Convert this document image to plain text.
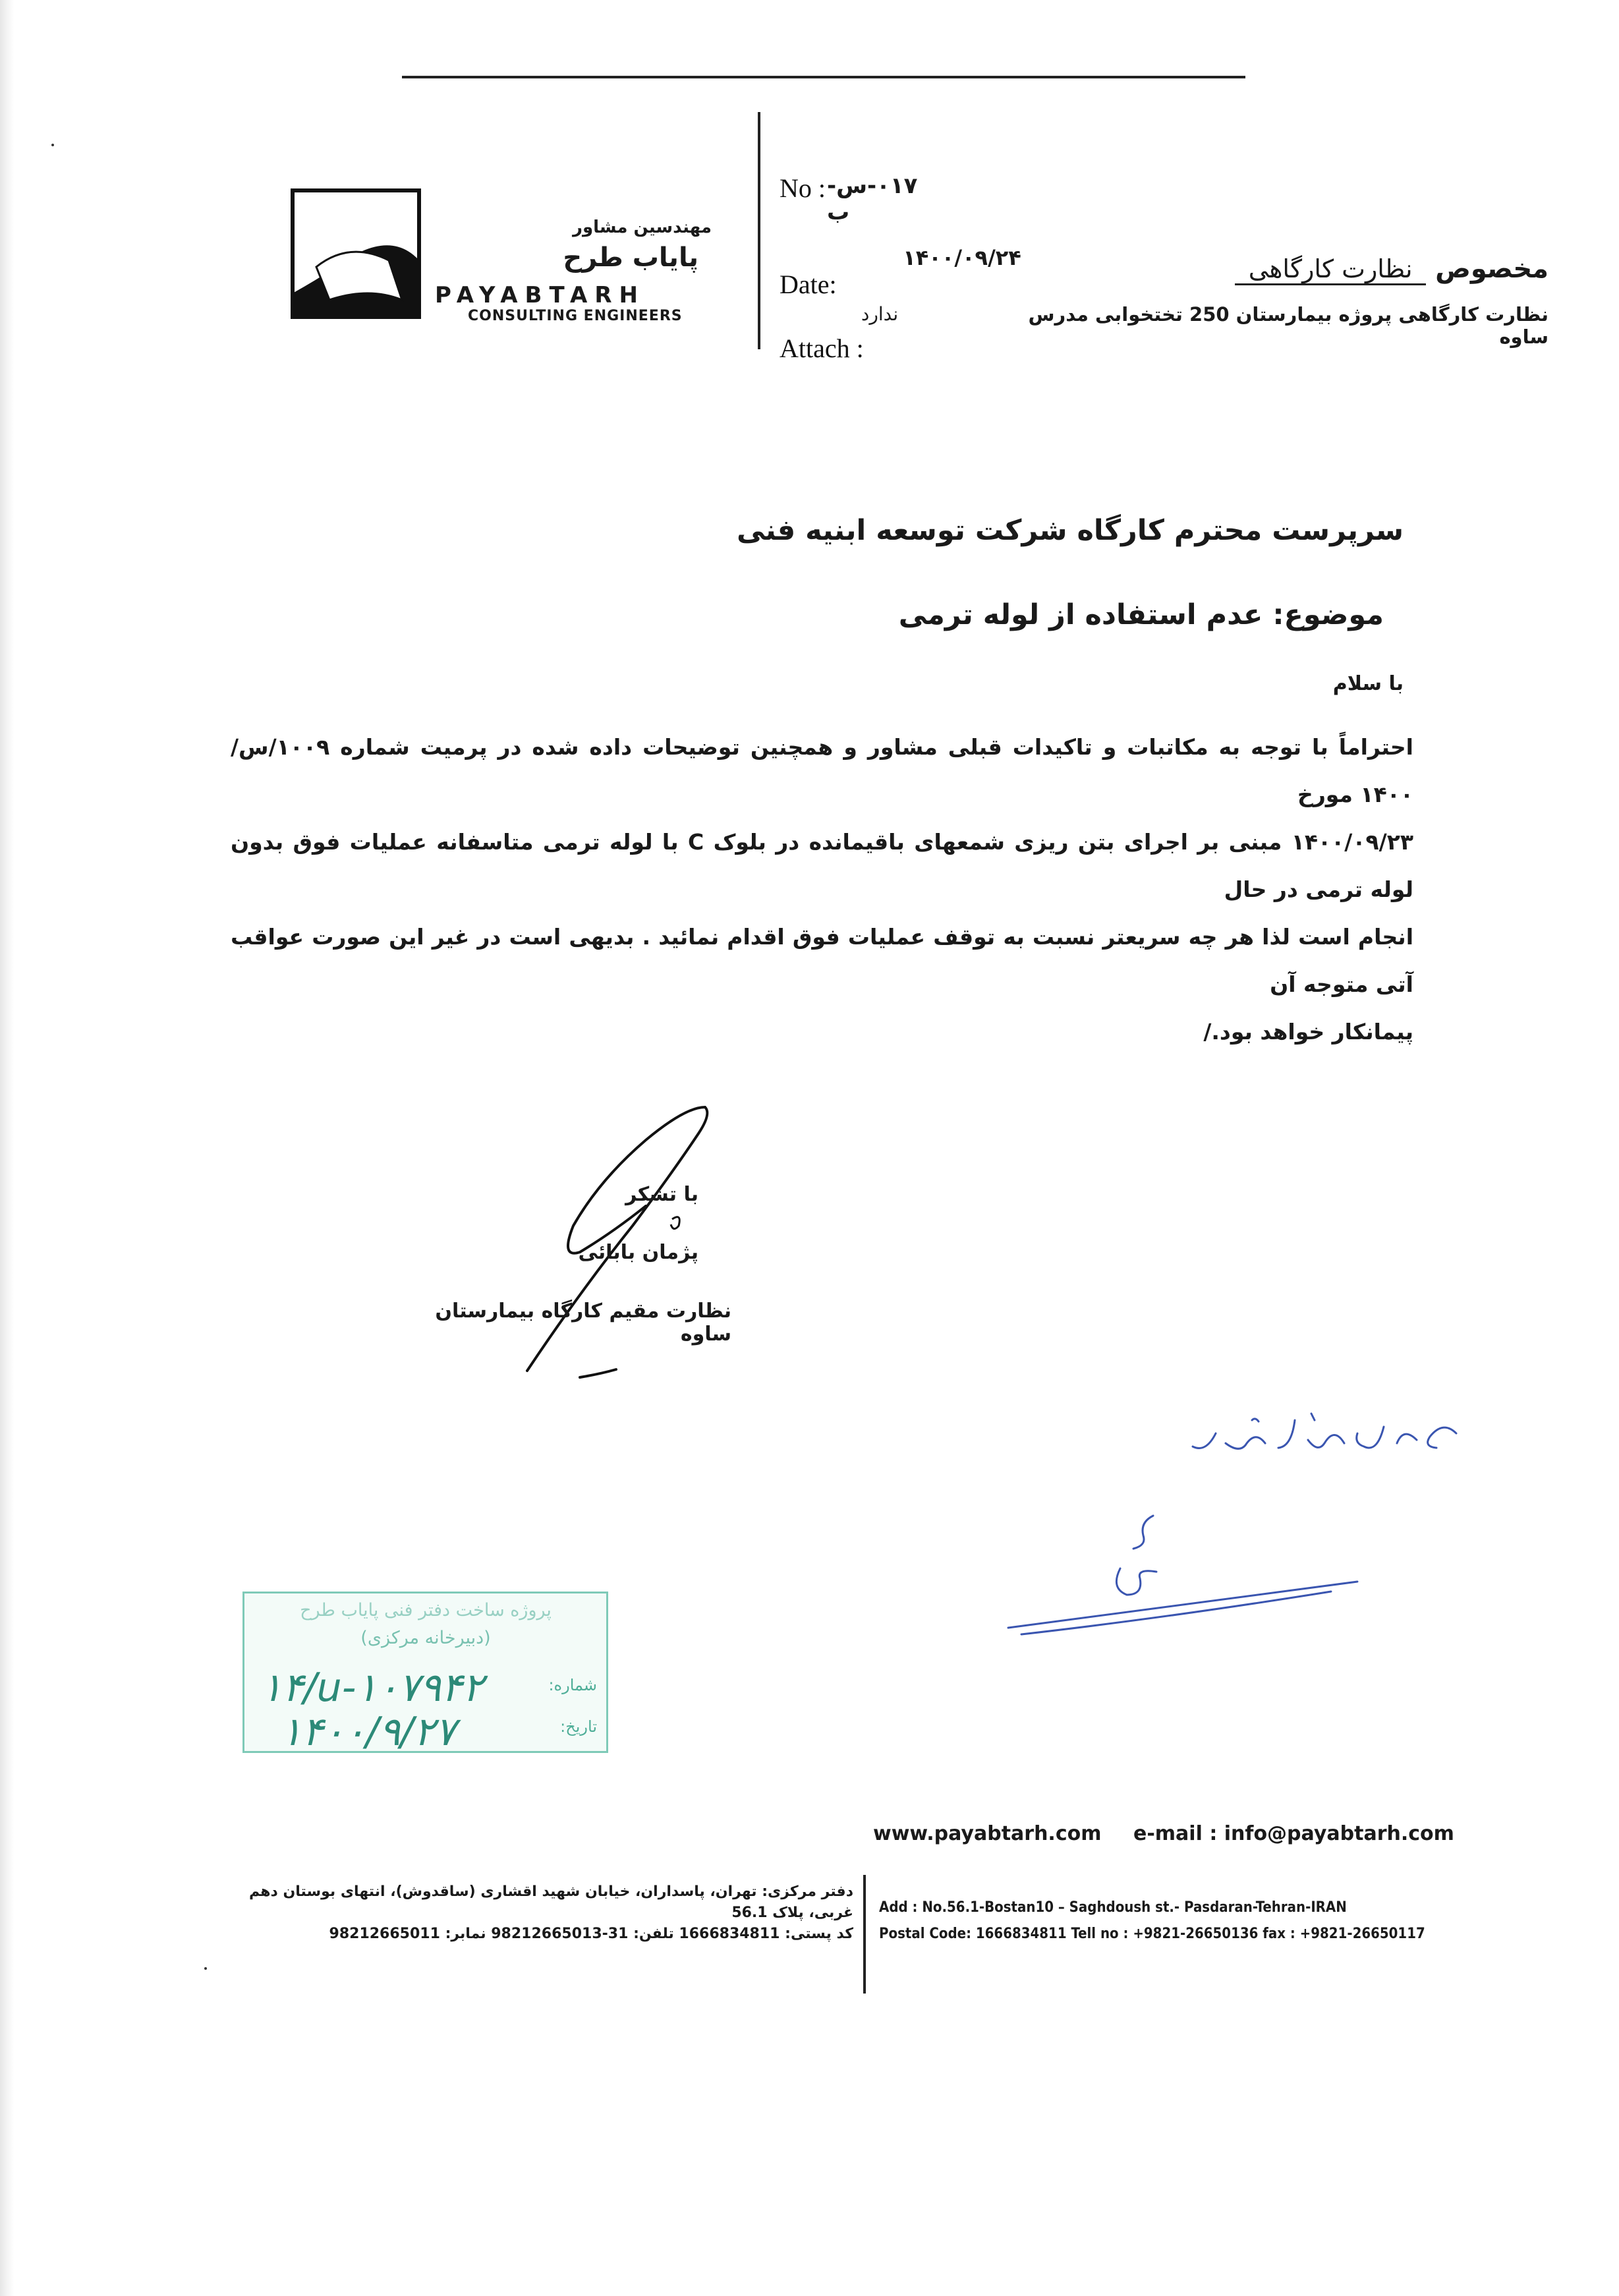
مهندسین مشاور
پایاب طرح
PAYABTARH
CONSULTING ENGINEERS
No : ۰۱۷-س-ب
Date:
۱۴۰۰/۰۹/۲۴
Attach :
ندارد
مخصوص نظارت کارگاهی
نظارت کارگاهی پروژه بیمارستان 250 تختخوابی مدرس ساوه
سرپرست محترم کارگاه شرکت توسعه ابنیه فنی
موضوع: عدم استفاده از لوله ترمی
با سلام
احتراماً با توجه به مکاتبات و تاکیدات قبلی مشاور و همچنین توضیحات داده شده در پرمیت شماره ۱۰۰۹/س/۱۴۰۰ مورخ
۱۴۰۰/۰۹/۲۳ مبنی بر اجرای بتن ریزی شمعهای باقیمانده در بلوک C با لوله ترمی متاسفانه عملیات فوق بدون لوله ترمی در حال
انجام است لذا هر چه سریعتر نسبت به توقف عملیات فوق اقدام نمائید . بدیهی است در غیر این صورت عواقب آتی متوجه آن
پیمانکار خواهد بود./
با تشکر
پژمان بابائی
نظارت مقیم کارگاه بیمارستان ساوه
پروژه ساخت دفتر فنی پایاب طرح
(دبیرخانه مرکزی)
شماره:
تاریخ:
۱۴/u-۱۰۷۹۴۲
۱۴۰۰/۹/۲۷
www.payabtarh.com e-mail : info@payabtarh.com
دفتر مرکزی: تهران، پاسداران، خیابان شهید اقشاری (ساقدوش)، انتهای بوستان دهم غربی، پلاک 56.1
کد پستی: 1666834811 تلفن: 31-98212665013 نمابر: 98212665011
Add : No.56.1-Bostan10 – Saghdoush st.- Pasdaran-Tehran-IRAN
Postal Code: 1666834811 Tell no : +9821-26650136 fax : +9821-26650117
